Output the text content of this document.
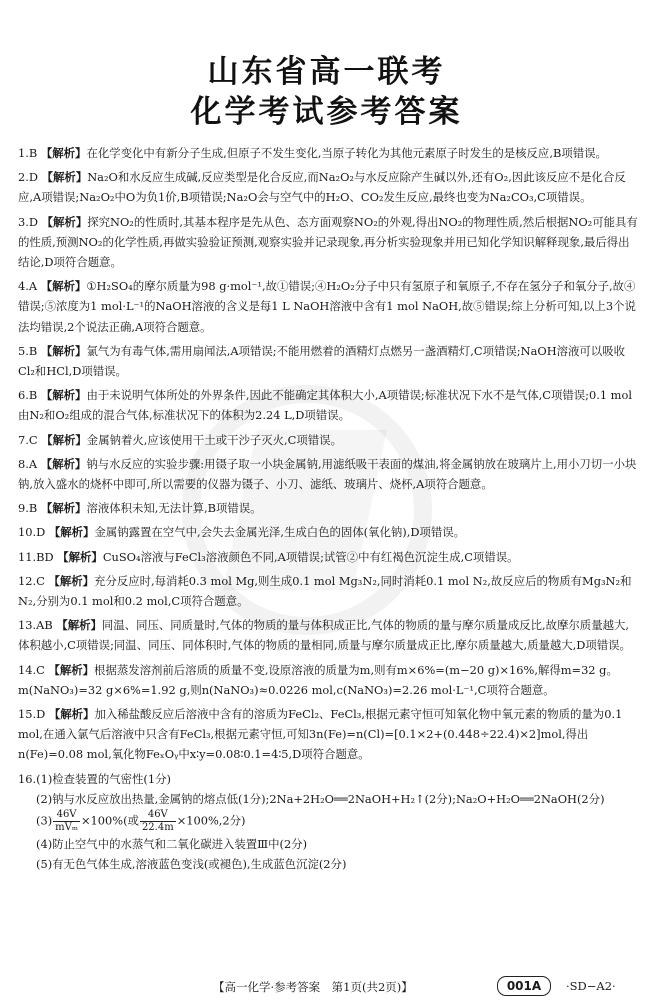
山东省高一联考
化学考试参考答案
1.B 【解析】在化学变化中有新分子生成,但原子不发生变化,当原子转化为其他元素原子时发生的是核反应,B项错误。
2.D 【解析】Na₂O和水反应生成碱,反应类型是化合反应,而Na₂O₂与水反应除产生碱以外,还有O₂,因此该反应不是化合反应,A项错误;Na₂O₂中O为负1价,B项错误;Na₂O会与空气中的H₂O、CO₂发生反应,最终也变为Na₂CO₃,C项错误。
3.D 【解析】探究NO₂的性质时,其基本程序是先从色、态方面观察NO₂的外观,得出NO₂的物理性质,然后根据NO₂可能具有的性质,预测NO₂的化学性质,再做实验验证预测,观察实验并记录现象,再分析实验现象并用已知化学知识解释现象,最后得出结论,D项符合题意。
4.A 【解析】①H₂SO₄的摩尔质量为98 g·mol⁻¹,故①错误;④H₂O₂分子中只有氢原子和氧原子,不存在氢分子和氧分子,故④错误;⑤浓度为1 mol·L⁻¹的NaOH溶液的含义是每1 L NaOH溶液中含有1 mol NaOH,故⑤错误;综上分析可知,以上3个说法均错误,2个说法正确,A项符合题意。
5.B 【解析】氯气为有毒气体,需用扇闻法,A项错误;不能用燃着的酒精灯点燃另一盏酒精灯,C项错误;NaOH溶液可以吸收Cl₂和HCl,D项错误。
6.B 【解析】由于未说明气体所处的外界条件,因此不能确定其体积大小,A项错误;标准状况下水不是气体,C项错误;0.1 mol由N₂和O₂组成的混合气体,标准状况下的体积为2.24 L,D项错误。
7.C 【解析】金属钠着火,应该使用干土或干沙子灭火,C项错误。
8.A 【解析】钠与水反应的实验步骤:用镊子取一小块金属钠,用滤纸吸干表面的煤油,将金属钠放在玻璃片上,用小刀切一小块钠,放入盛水的烧杯中即可,所以需要的仪器为镊子、小刀、滤纸、玻璃片、烧杯,A项符合题意。
9.B 【解析】溶液体积未知,无法计算,B项错误。
10.D 【解析】金属钠露置在空气中,会失去金属光泽,生成白色的固体(氧化钠),D项错误。
11.BD 【解析】CuSO₄溶液与FeCl₃溶液颜色不同,A项错误;试管②中有红褐色沉淀生成,C项错误。
12.C 【解析】充分反应时,每消耗0.3 mol Mg,则生成0.1 mol Mg₃N₂,同时消耗0.1 mol N₂,故反应后的物质有Mg₃N₂和N₂,分别为0.1 mol和0.2 mol,C项符合题意。
13.AB 【解析】同温、同压、同质量时,气体的物质的量与体积成正比,气体的物质的量与摩尔质量成反比,故摩尔质量越大,体积越小,C项错误;同温、同压、同体积时,气体的物质的量相同,质量与摩尔质量成正比,摩尔质量越大,质量越大,D项错误。
14.C 【解析】根据蒸发溶剂前后溶质的质量不变,设原溶液的质量为m,则有m×6%=(m−20 g)×16%,解得m=32 g。m(NaNO₃)=32 g×6%=1.92 g,则n(NaNO₃)≈0.0226 mol,c(NaNO₃)=2.26 mol·L⁻¹,C项符合题意。
15.D 【解析】加入稀盐酸反应后溶液中含有的溶质为FeCl₂、FeCl₃,根据元素守恒可知氧化物中氧元素的物质的量为0.1 mol,在通入氯气后溶液中只含有FeCl₃,根据元素守恒,可知3n(Fe)=n(Cl)=[0.1×2+(0.448÷22.4)×2]mol,得出n(Fe)=0.08 mol,氧化物FeₓOᵧ中x∶y=0.08∶0.1=4∶5,D项符合题意。
16.(1)检查装置的气密性(1分)
(2)钠与水反应放出热量,金属钠的熔点低(1分);2Na+2H₂O══2NaOH+H₂↑(2分);Na₂O+H₂O══2NaOH(2分)
$(3) \frac{46V}{\text{mVₘ}} \times 100\%$(或 $\frac{46V}{22.4m} \times 100\%,2$分)
(4)防止空气中的水蒸气和二氧化碳进入装置Ⅲ中(2分)
(5)有无色气体生成,溶液蓝色变浅(或褪色),生成蓝色沉淀(2分)
【高一化学·参考答案　第1页(共2页)】	001A	·SD−A2·
